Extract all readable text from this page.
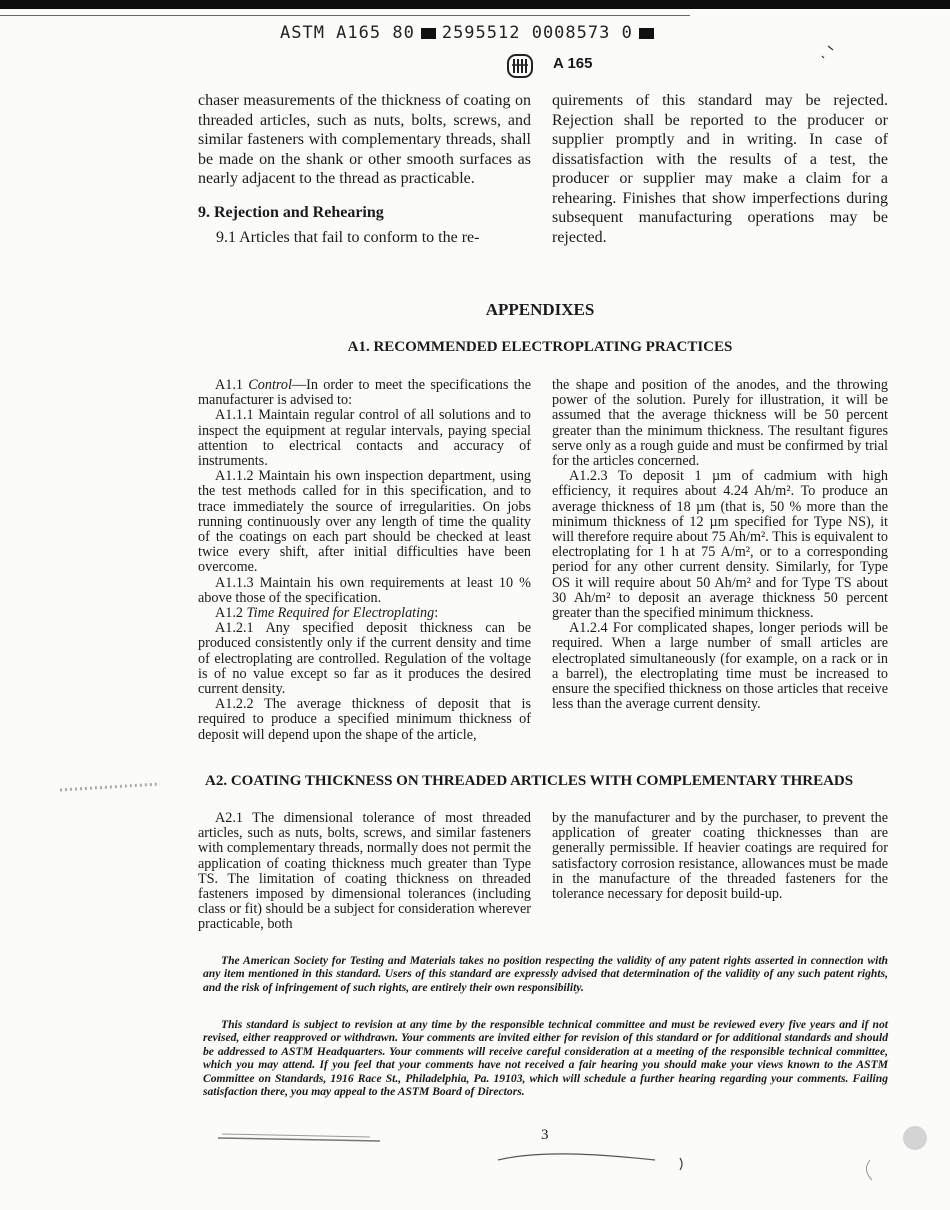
ASTM A165 80 2595512 0008573 0
A 165

chaser measurements of the thickness of coating on threaded articles, such as nuts, bolts, screws, and similar fasteners with complementary threads, shall be made on the shank or other smooth surfaces as nearly adjacent to the thread as practicable.

9. Rejection and Rehearing

9.1 Articles that fail to conform to the re-

quirements of this standard may be rejected. Rejection shall be reported to the producer or supplier promptly and in writing. In case of dissatisfaction with the results of a test, the producer or supplier may make a claim for a rehearing. Finishes that show imperfections during subsequent manufacturing operations may be rejected.

APPENDIXES
A1. RECOMMENDED ELECTROPLATING PRACTICES

A1.1 Control—In order to meet the specifications the manufacturer is advised to:

A1.1.1 Maintain regular control of all solutions and to inspect the equipment at regular intervals, paying special attention to electrical contacts and accuracy of instruments.

A1.1.2 Maintain his own inspection department, using the test methods called for in this specification, and to trace immediately the source of irregularities. On jobs running continuously over any length of time the quality of the coatings on each part should be checked at least twice every shift, after initial difficulties have been overcome.

A1.1.3 Maintain his own requirements at least 10 % above those of the specification.

A1.2 Time Required for Electroplating:

A1.2.1 Any specified deposit thickness can be produced consistently only if the current density and time of electroplating are controlled. Regulation of the voltage is of no value except so far as it produces the desired current density.

A1.2.2 The average thickness of deposit that is required to produce a specified minimum thickness of deposit will depend upon the shape of the article,

the shape and position of the anodes, and the throwing power of the solution. Purely for illustration, it will be assumed that the average thickness will be 50 percent greater than the minimum thickness. The resultant figures serve only as a rough guide and must be confirmed by trial for the articles concerned.

A1.2.3 To deposit 1 µm of cadmium with high efficiency, it requires about 4.24 Ah/m². To produce an average thickness of 18 µm (that is, 50 % more than the minimum thickness of 12 µm specified for Type NS), it will therefore require about 75 Ah/m². This is equivalent to electroplating for 1 h at 75 A/m², or to a corresponding period for any other current density. Similarly, for Type OS it will require about 50 Ah/m² and for Type TS about 30 Ah/m² to deposit an average thickness 50 percent greater than the specified minimum thickness.

A1.2.4 For complicated shapes, longer periods will be required. When a large number of small articles are electroplated simultaneously (for example, on a rack or in a barrel), the electroplating time must be increased to ensure the specified thickness on those articles that receive less than the average current density.

A2. COATING THICKNESS ON THREADED ARTICLES WITH COMPLEMENTARY THREADS

A2.1 The dimensional tolerance of most threaded articles, such as nuts, bolts, screws, and similar fasteners with complementary threads, normally does not permit the application of coating thickness much greater than Type TS. The limitation of coating thickness on threaded fasteners imposed by dimensional tolerances (including class or fit) should be a subject for consideration wherever practicable, both

by the manufacturer and by the purchaser, to prevent the application of greater coating thicknesses than are generally permissible. If heavier coatings are required for satisfactory corrosion resistance, allowances must be made in the manufacture of the threaded fasteners for the tolerance necessary for deposit build-up.

The American Society for Testing and Materials takes no position respecting the validity of any patent rights asserted in connection with any item mentioned in this standard. Users of this standard are expressly advised that determination of the validity of any such patent rights, and the risk of infringement of such rights, are entirely their own responsibility.

This standard is subject to revision at any time by the responsible technical committee and must be reviewed every five years and if not revised, either reapproved or withdrawn. Your comments are invited either for revision of this standard or for additional standards and should be addressed to ASTM Headquarters. Your comments will receive careful consideration at a meeting of the responsible technical committee, which you may attend. If you feel that your comments have not received a fair hearing you should make your views known to the ASTM Committee on Standards, 1916 Race St., Philadelphia, Pa. 19103, which will schedule a further hearing regarding your comments. Failing satisfaction there, you may appeal to the ASTM Board of Directors.

3
